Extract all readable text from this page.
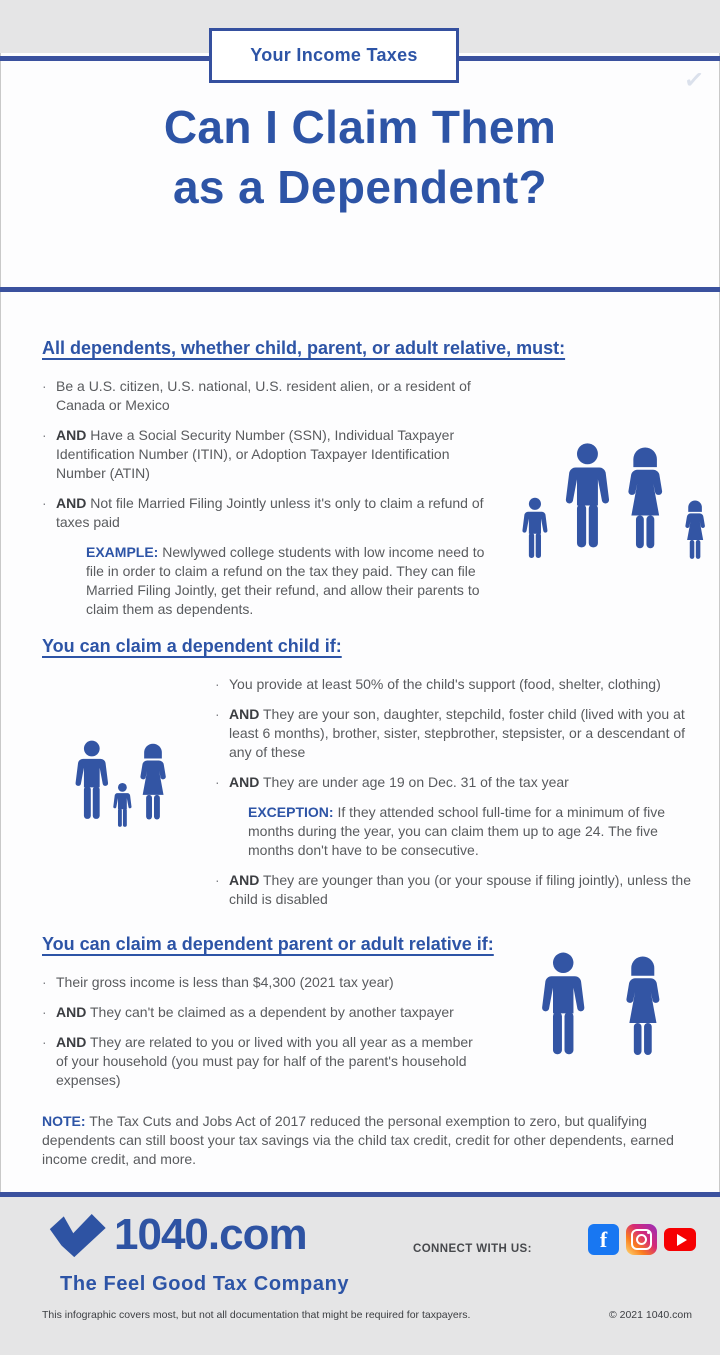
Your Income Taxes
✓
Can I Claim Them
as a Dependent?
All dependents, whether child, parent, or adult relative, must:
· Be a U.S. citizen, U.S. national, U.S. resident alien, or a resident of Canada or Mexico
· AND Have a Social Security Number (SSN), Individual Taxpayer Identification Number (ITIN), or Adoption Taxpayer Identification Number (ATIN)
· AND Not file Married Filing Jointly unless it's only to claim a refund of taxes paid

EXAMPLE: Newlywed college students with low income need to file in order to claim a refund on the tax they paid. They can file Married Filing Jointly, get their refund, and allow their parents to claim them as dependents.

You can claim a dependent child if:
· You provide at least 50% of the child's support (food, shelter, clothing)
· AND They are your son, daughter, stepchild, foster child (lived with you at least 6 months), brother, sister, stepbrother, stepsister, or a descendant of any of these
· AND They are under age 19 on Dec. 31 of the tax year

EXCEPTION: If they attended school full-time for a minimum of five months during the year, you can claim them up to age 24. The five months don't have to be consecutive.

· AND They are younger than you (or your spouse if filing jointly), unless the child is disabled
You can claim a dependent parent or adult relative if:
· Their gross income is less than $4,300 (2021 tax year)
· AND They can't be claimed as a dependent by another taxpayer
· AND They are related to you or lived with you all year as a member of your household (you must pay for half of the parent's household expenses)

NOTE: The Tax Cuts and Jobs Act of 2017 reduced the personal exemption to zero, but qualifying dependents can still boost your tax savings via the child tax credit, credit for other dependents, earned income credit, and more.

1040.com
The Feel Good Tax Company
CONNECT WITH US:	f
This infographic covers most, but not all documentation that might be required for taxpayers.	© 2021 1040.com
